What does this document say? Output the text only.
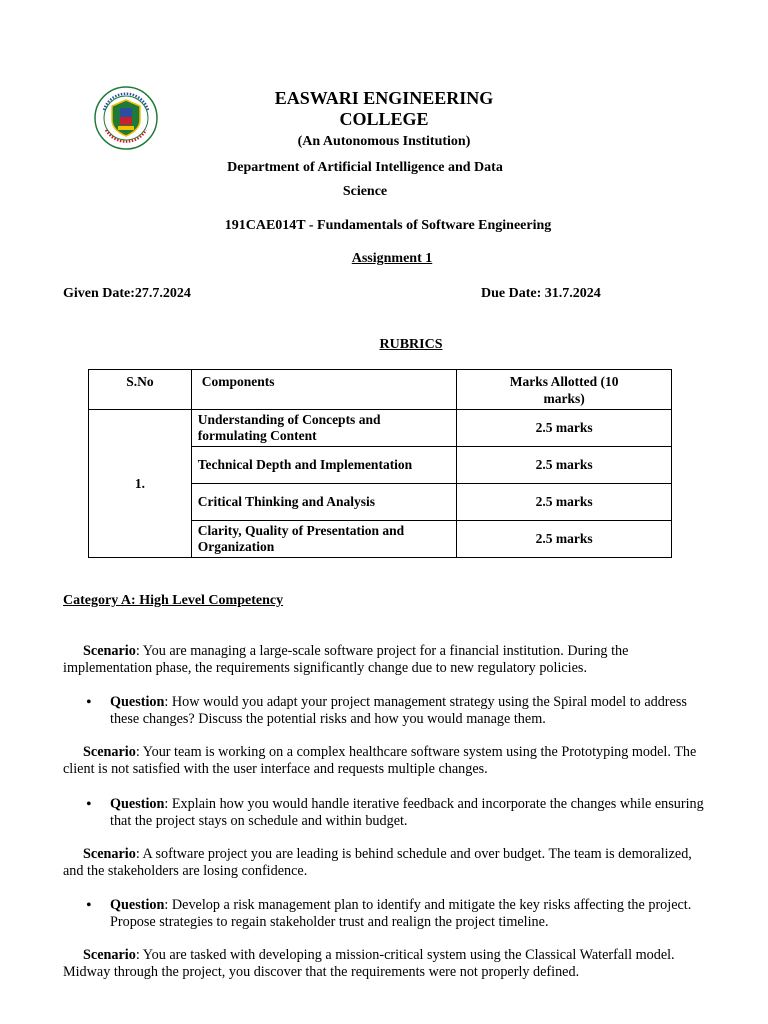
EASWARI ENGINEERING
COLLEGE
(An Autonomous Institution)
Department of Artificial Intelligence and Data
Science
191CAE014T - Fundamentals of Software Engineering
Assignment 1
Given Date:27.7.2024	Due Date: 31.7.2024
RUBRICS
S.No	Components	Marks Allotted (10 marks)
1.	Understanding of Concepts and formulating Content	2.5 marks
	Technical Depth and Implementation	2.5 marks
	Critical Thinking and Analysis	2.5 marks
	Clarity, Quality of Presentation and Organization	2.5 marks
Category A: High Level Competency
Scenario: You are managing a large-scale software project for a financial institution. During the implementation phase, the requirements significantly change due to new regulatory policies.
• Question: How would you adapt your project management strategy using the Spiral model to address these changes? Discuss the potential risks and how you would manage them.
Scenario: Your team is working on a complex healthcare software system using the Prototyping model. The client is not satisfied with the user interface and requests multiple changes.
• Question: Explain how you would handle iterative feedback and incorporate the changes while ensuring that the project stays on schedule and within budget.
Scenario: A software project you are leading is behind schedule and over budget. The team is demoralized, and the stakeholders are losing confidence.
• Question: Develop a risk management plan to identify and mitigate the key risks affecting the project. Propose strategies to regain stakeholder trust and realign the project timeline.
Scenario: You are tasked with developing a mission-critical system using the Classical Waterfall model. Midway through the project, you discover that the requirements were not properly defined.
